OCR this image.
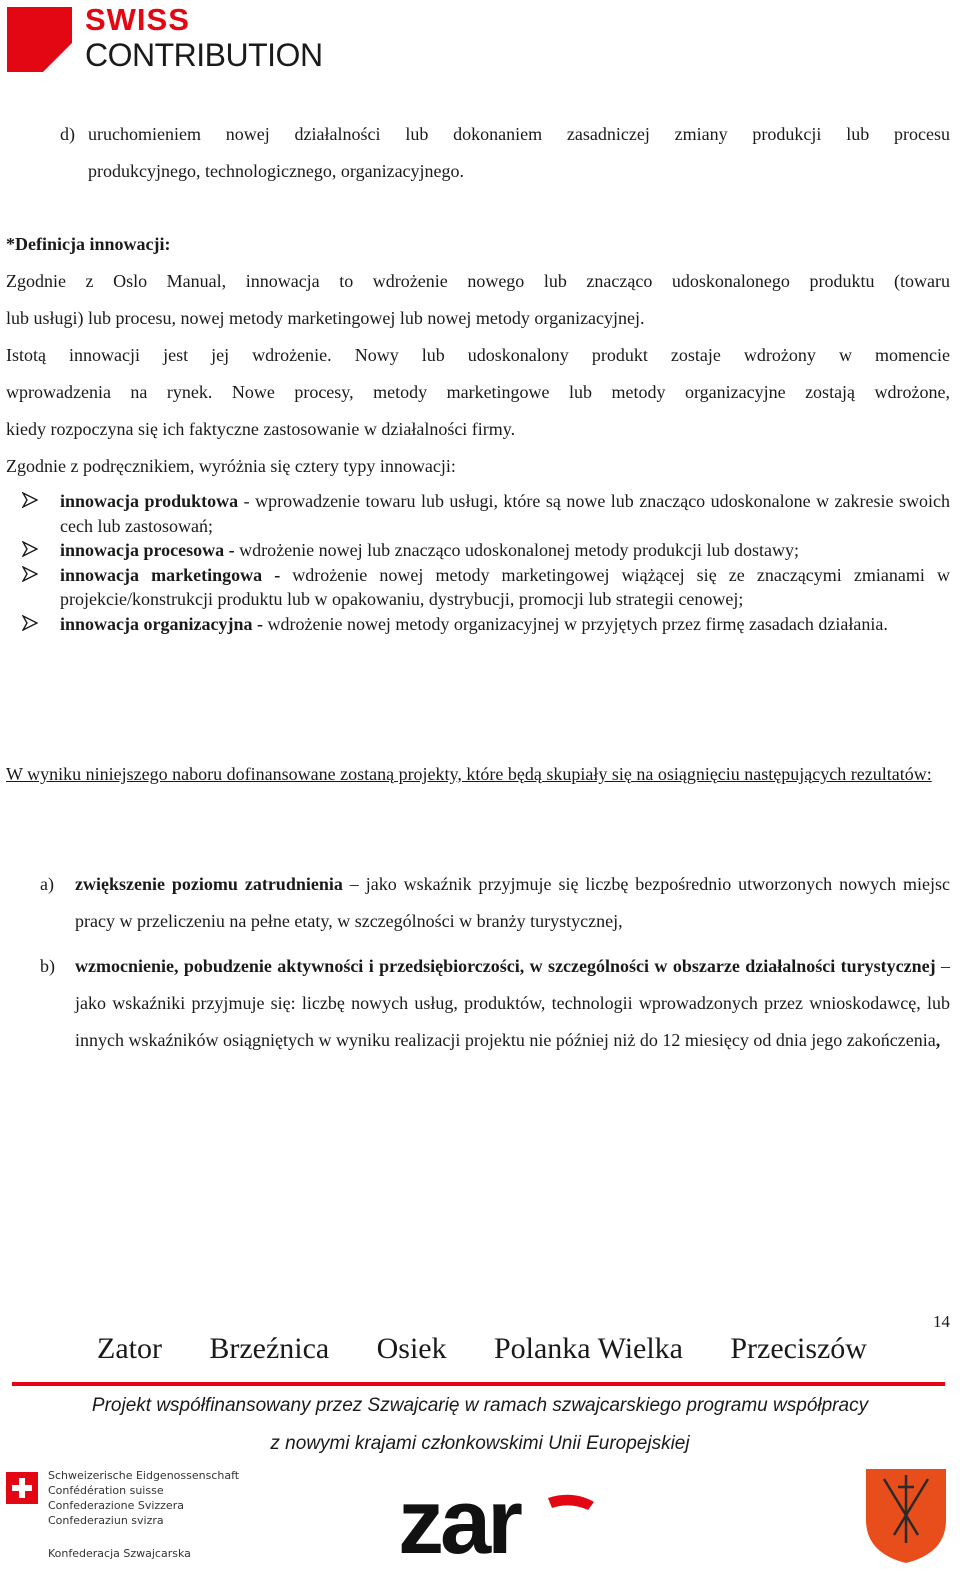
SWISS
CONTRIBUTION
d) uruchomieniem nowej działalności lub dokonaniem zasadniczej zmiany produkcji lub procesu
produkcyjnego, technologicznego, organizacyjnego.
*Definicja innowacji:
Zgodnie z Oslo Manual, innowacja to wdrożenie nowego lub znacząco udoskonalonego produktu (towaru
lub usługi) lub procesu, nowej metody marketingowej lub nowej metody organizacyjnej.
Istotą innowacji jest jej wdrożenie. Nowy lub udoskonalony produkt zostaje wdrożony w momencie
wprowadzenia na rynek. Nowe procesy, metody marketingowe lub metody organizacyjne zostają wdrożone,
kiedy rozpoczyna się ich faktyczne zastosowanie w działalności firmy.
Zgodnie z podręcznikiem, wyróżnia się cztery typy innowacji:
innowacja produktowa - wprowadzenie towaru lub usługi, które są nowe lub znacząco udoskonalone w zakresie swoich cech lub zastosowań;
innowacja procesowa - wdrożenie nowej lub znacząco udoskonalonej metody produkcji lub dostawy;
innowacja marketingowa - wdrożenie nowej metody marketingowej wiążącej się ze znaczącymi zmianami w projekcie/konstrukcji produktu lub w opakowaniu, dystrybucji, promocji lub strategii cenowej;
innowacja organizacyjna - wdrożenie nowej metody organizacyjnej w przyjętych przez firmę zasadach działania.
W wyniku niniejszego naboru dofinansowane zostaną projekty, które będą skupiały się na osiągnięciu następujących rezultatów:
a) zwiększenie poziomu zatrudnienia – jako wskaźnik przyjmuje się liczbę bezpośrednio utworzonych nowych miejsc pracy w przeliczeniu na pełne etaty, w szczególności w branży turystycznej,
b) wzmocnienie, pobudzenie aktywności i przedsiębiorczości, w szczególności w obszarze działalności turystycznej – jako wskaźniki przyjmuje się: liczbę nowych usług, produktów, technologii wprowadzonych przez wnioskodawcę, lub innych wskaźników osiągniętych w wyniku realizacji projektu nie później niż do 12 miesięcy od dnia jego zakończenia,
14
Zator Brzeźnica Osiek Polanka Wielka Przeciszów
Projekt współfinansowany przez Szwajcarię w ramach szwajcarskiego programu współpracy
z nowymi krajami członkowskimi Unii Europejskiej
Schweizerische Eidgenossenschaft
Confédération suisse
Confederazione Svizzera
Confederaziun svizra
Konfederacja Szwajcarska zar
